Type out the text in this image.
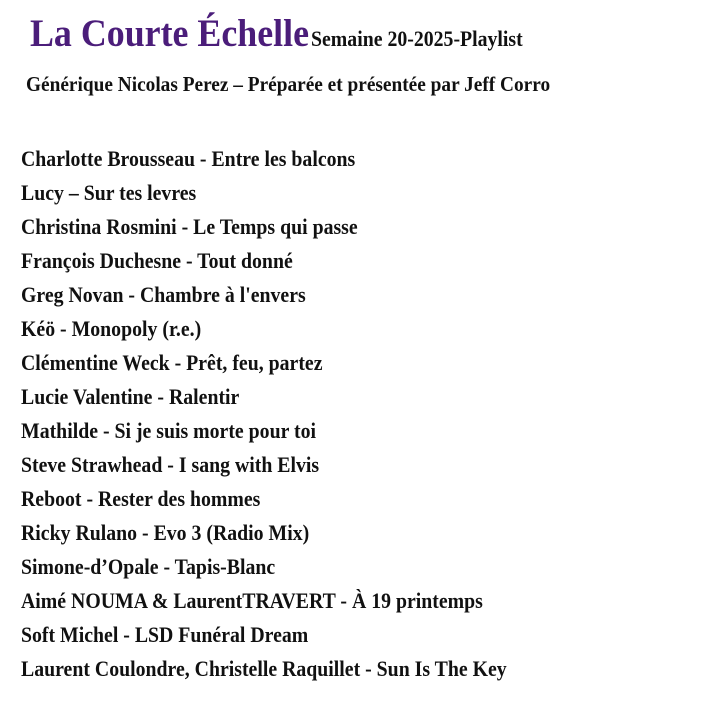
La Courte Échelle Semaine 20-2025-Playlist
Générique Nicolas Perez – Préparée et présentée par Jeff Corro
Charlotte Brousseau - Entre les balcons
Lucy – Sur tes levres
Christina Rosmini - Le Temps qui passe
François Duchesne - Tout donné
Greg Novan - Chambre à l'envers
Kéö - Monopoly (r.e.)
Clémentine Weck - Prêt, feu, partez
Lucie Valentine - Ralentir
Mathilde - Si je suis morte pour toi
Steve Strawhead - I sang with Elvis
Reboot - Rester des hommes
Ricky Rulano - Evo 3 (Radio Mix)
Simone-d’Opale - Tapis-Blanc
Aimé NOUMA & LaurentTRAVERT - À 19 printemps
Soft Michel - LSD Funéral Dream
Laurent Coulondre, Christelle Raquillet - Sun Is The Key
